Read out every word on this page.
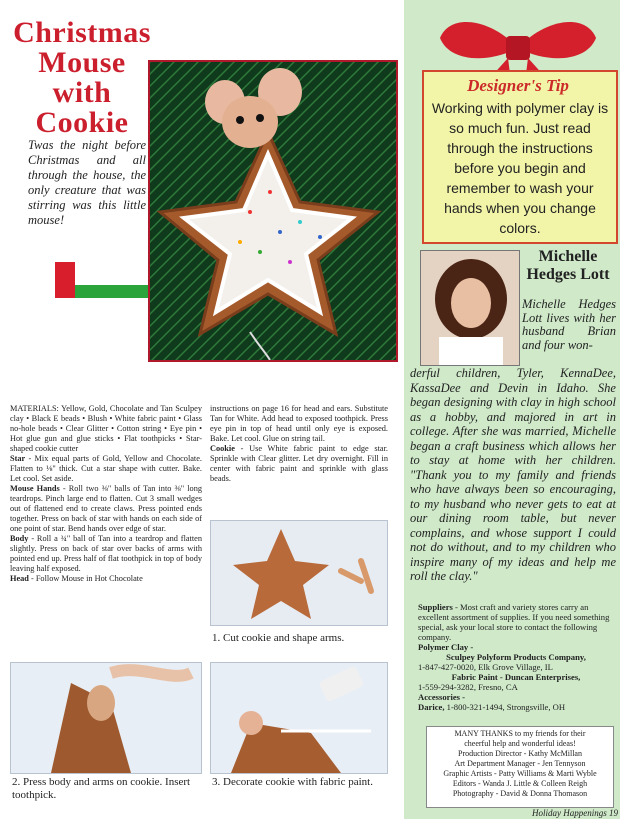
Christmas
Mouse
with
Cookie
Twas the night before Christmas and all through the house, the only creature that was stirring was this little mouse!
Designer's Tip
Working with polymer clay is so much fun. Just read through the instructions before you begin and remember to wash your hands when you change colors.
Michelle Hedges Lott
Michelle Hedges Lott lives with her husband Brian and four won-
derful children, Tyler, KennaDee, KassaDee and Devin in Idaho. She began designing with clay in high school as a hobby, and majored in art in college. After she was married, Michelle began a craft business which allows her to stay at home with her children. "Thank you to my family and friends who have always been so encouraging, to my husband who never gets to eat at our dining room table, but never complains, and whose support I could not do without, and to my children who inspire many of my ideas and help me roll the clay."
Suppliers - Most craft and variety stores carry an excellent assortment of supplies. If you need something special, ask your local store to contact the following company.
Polymer Clay -
Sculpey Polyform Products Company,
1-847-427-0020, Elk Grove Village, IL
Fabric Paint - Duncan Enterprises,
1-559-294-3282, Fresno, CA
Accessories -
Darice, 1-800-321-1494, Strongsville, OH
MANY THANKS to my friends for their
cheerful help and wonderful ideas!
Production Director - Kathy McMillan
Art Department Manager - Jen Tennyson
Graphic Artists - Patty Williams & Marti Wyble
Editors - Wanda J. Little & Colleen Reigh
Photography - David & Donna Thomason
Holiday Happenings 19
MATERIALS: Yellow, Gold, Chocolate and Tan Sculpey clay • Black E beads • Blush • White fabric paint • Glass no-hole beads • Clear Glitter • Cotton string • Eye pin • Hot glue gun and glue sticks • Flat toothpicks • Star-shaped cookie cutter
Star - Mix equal parts of Gold, Yellow and Chocolate. Flatten to ⅛" thick. Cut a star shape with cutter. Bake. Let cool. Set aside.
Mouse Hands - Roll two ⅜" balls of Tan into ⅜" long teardrops. Pinch large end to flatten. Cut 3 small wedges out of flattened end to create claws. Press pointed ends together. Press on back of star with hands on each side of one point of star. Bend hands over edge of star.
Body - Roll a ¾" ball of Tan into a teardrop and flatten slightly. Press on back of star over backs of arms with pointed end up. Press half of flat toothpick in top of body leaving half exposed.
Head - Follow Mouse in Hot Chocolate
instructions on page 16 for head and ears. Substitute Tan for White. Add head to exposed toothpick. Press eye pin in top of head until only eye is exposed. Bake. Let cool. Glue on string tail.
Cookie - Use White fabric paint to edge star. Sprinkle with Clear glitter. Let dry overnight. Fill in center with fabric paint and sprinkle with glass beads.
1. Cut cookie and shape arms.
2. Press body and arms on cookie. Insert toothpick.
3. Decorate cookie with fabric paint.
